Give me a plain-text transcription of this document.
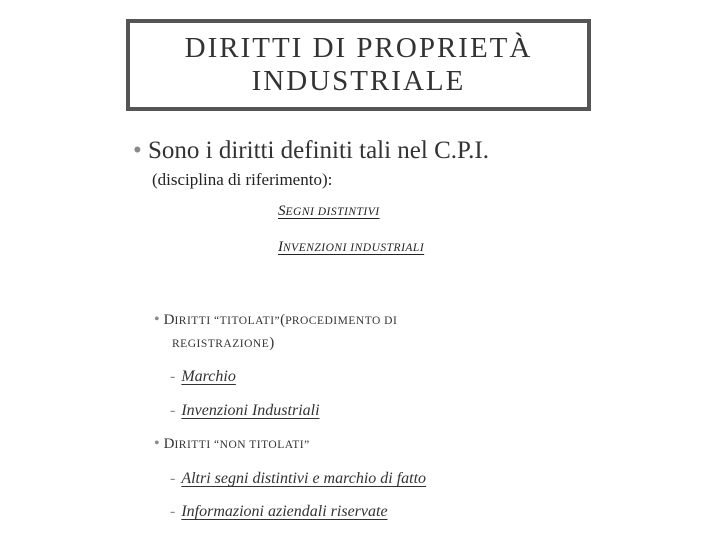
DIRITTI DI PROPRIETÀ
INDUSTRIALE
• Sono i diritti definiti tali nel C.P.I.
(disciplina di riferimento):
SEGNI DISTINTIVI
INVENZIONI INDUSTRIALI
• DIRITTI “TITOLATI”(PROCEDIMENTO DI
REGISTRAZIONE)
- Marchio
- Invenzioni Industriali
• DIRITTI “NON TITOLATI”
- Altri segni distintivi e marchio di fatto
- Informazioni aziendali riservate
